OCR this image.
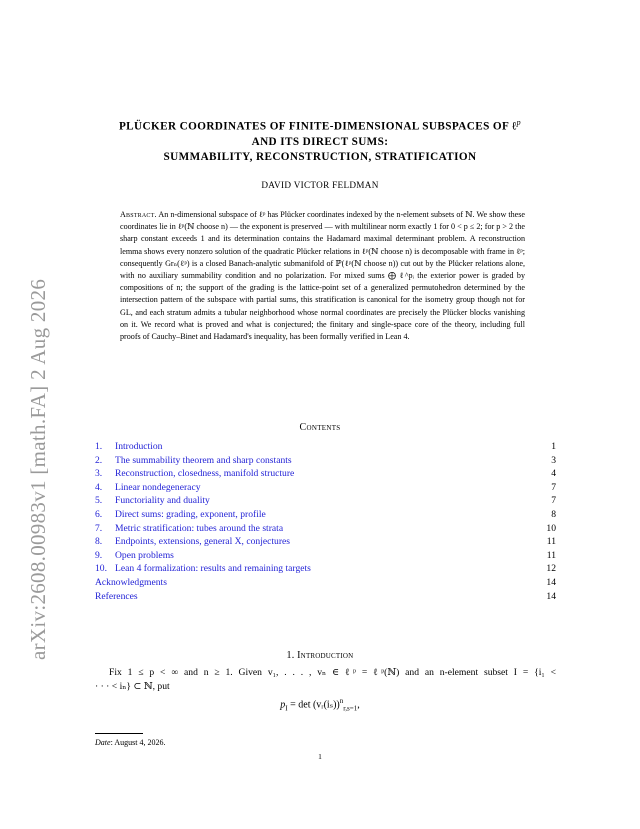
arXiv:2608.00983v1 [math.FA] 2 Aug 2026
PLÜCKER COORDINATES OF FINITE-DIMENSIONAL SUBSPACES OF ℓ$^p$
AND ITS DIRECT SUMS:
SUMMABILITY, RECONSTRUCTION, STRATIFICATION
DAVID VICTOR FELDMAN
Abstract. An n-dimensional subspace of ℓᵖ has Plücker coordinates indexed by the n-element subsets of ℕ. We show these coordinates lie in ℓᵖ(ℕ choose n) — the exponent is preserved — with multilinear norm exactly 1 for 0 < p ≤ 2; for p > 2 the sharp constant exceeds 1 and its determination contains the Hadamard maximal determinant problem. A reconstruction lemma shows every nonzero solution of the quadratic Plücker relations in ℓᵖ(ℕ choose n) is decomposable with frame in ℓᵖ; consequently Grₙ(ℓᵖ) is a closed Banach-analytic submanifold of ℙ(ℓᵖ(ℕ choose n)) cut out by the Plücker relations alone, with no auxiliary summability condition and no polarization. For mixed sums ⨁ ℓ^pᵢ the exterior power is graded by compositions of n; the support of the grading is the lattice-point set of a generalized permutohedron determined by the intersection pattern of the subspace with partial sums, this stratification is canonical for the isometry group though not for GL, and each stratum admits a tubular neighborhood whose normal coordinates are precisely the Plücker blocks vanishing on it. We record what is proved and what is conjectured; the finitary and single-space core of the theory, including full proofs of Cauchy–Binet and Hadamard's inequality, has been formally verified in Lean 4.
Contents
1. Introduction	1
2. The summability theorem and sharp constants	3
3. Reconstruction, closedness, manifold structure	4
4. Linear nondegeneracy	7
5. Functoriality and duality	7
6. Direct sums: grading, exponent, profile	8
7. Metric stratification: tubes around the strata	10
8. Endpoints, extensions, general X, conjectures	11
9. Open problems	11
10. Lean 4 formalization: results and remaining targets	12
Acknowledgments	14
References	14
1. Introduction
Fix 1 ≤ p < ∞ and n ≥ 1. Given v₁, . . . , vₙ ∈ ℓᵖ = ℓᵖ(ℕ) and an n-element subset I = {i₁ <
· · · < iₙ} ⊂ ℕ, put
$p_I = \det$ (vᵣ(iₛ))$^n_{r,s=1}$,
Date: August 4, 2026.
1
